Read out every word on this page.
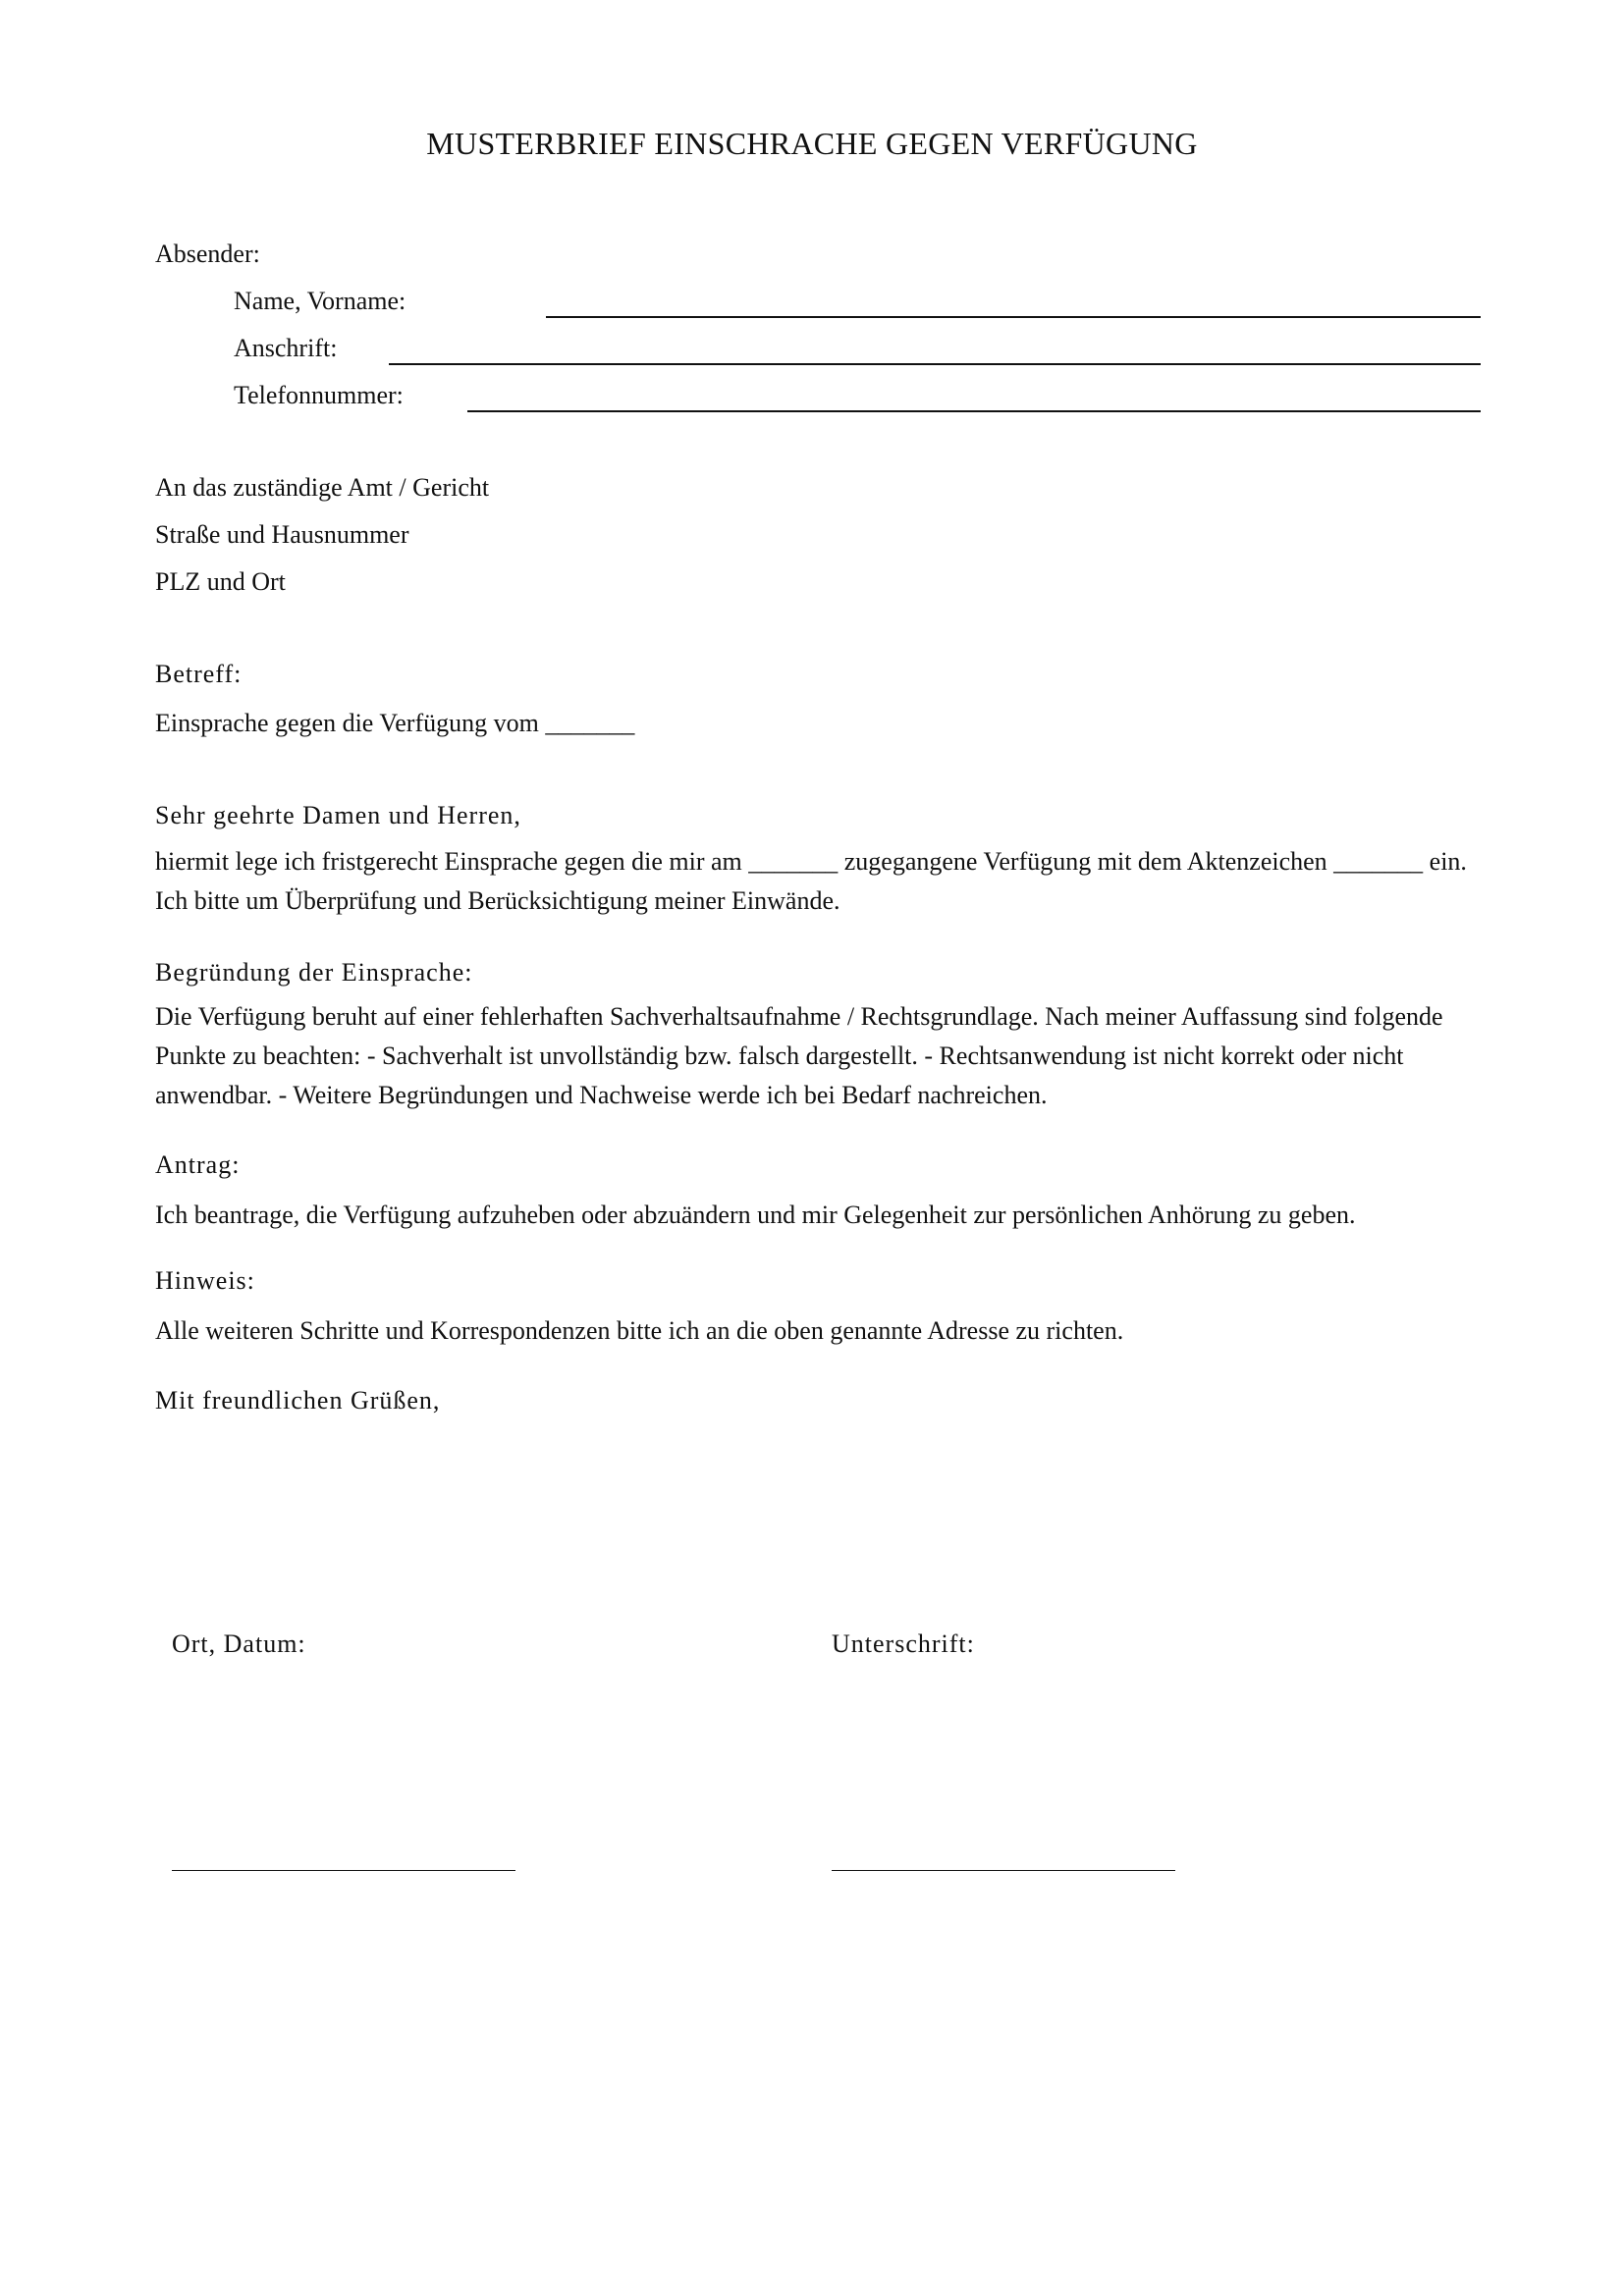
MUSTERBRIEF EINSCHRACHE GEGEN VERFÜGUNG
Absender:
Name, Vorname:
Anschrift:
Telefonnummer:
An das zuständige Amt / Gericht
Straße und Hausnummer
PLZ und Ort
Betreff:
Einsprache gegen die Verfügung vom _______
Sehr geehrte Damen und Herren,
hiermit lege ich fristgerecht Einsprache gegen die mir am _______ zugegangene Verfügung mit dem Aktenzeichen _______ ein. Ich bitte um Überprüfung und Berücksichtigung meiner Einwände.
Begründung der Einsprache:
Die Verfügung beruht auf einer fehlerhaften Sachverhaltsaufnahme / Rechtsgrundlage. Nach meiner Auffassung sind folgende Punkte zu beachten: - Sachverhalt ist unvollständig bzw. falsch dargestellt. - Rechtsanwendung ist nicht korrekt oder nicht anwendbar. - Weitere Begründungen und Nachweise werde ich bei Bedarf nachreichen.
Antrag:
Ich beantrage, die Verfügung aufzuheben oder abzuändern und mir Gelegenheit zur persönlichen Anhörung zu geben.
Hinweis:
Alle weiteren Schritte und Korrespondenzen bitte ich an die oben genannte Adresse zu richten.
Mit freundlichen Grüßen,
Ort, Datum:	Unterschrift:
